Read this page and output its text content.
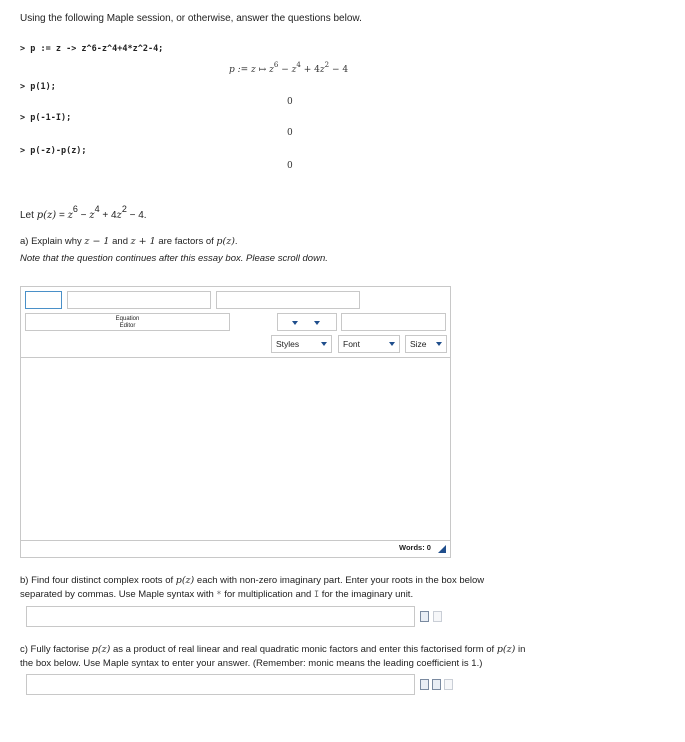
Using the following Maple session, or otherwise, answer the questions below.
> p := z -> z^6-z^4+4*z^2-4;
p := z ↦ $z^6 - z^4 + 4z^2 - 4$
> p(1);
0
> p(-1-I);
0
> p(-z)-p(z);
0
Let p(z) = z6 − z4 + 4z2 − 4.
a) Explain why z − 1 and z + 1 are factors of p(z).
Note that the question continues after this essay box. Please scroll down.
Equation
Editor
Styles	Font	Size
Words: 0
b) Find four distinct complex roots of p(z) each with non-zero imaginary part. Enter your roots in the box below
separated by commas. Use Maple syntax with * for multiplication and I for the imaginary unit.
c) Fully factorise p(z) as a product of real linear and real quadratic monic factors and enter this factorised form of p(z) in
the box below. Use Maple syntax to enter your answer. (Remember: monic means the leading coefficient is 1.)
